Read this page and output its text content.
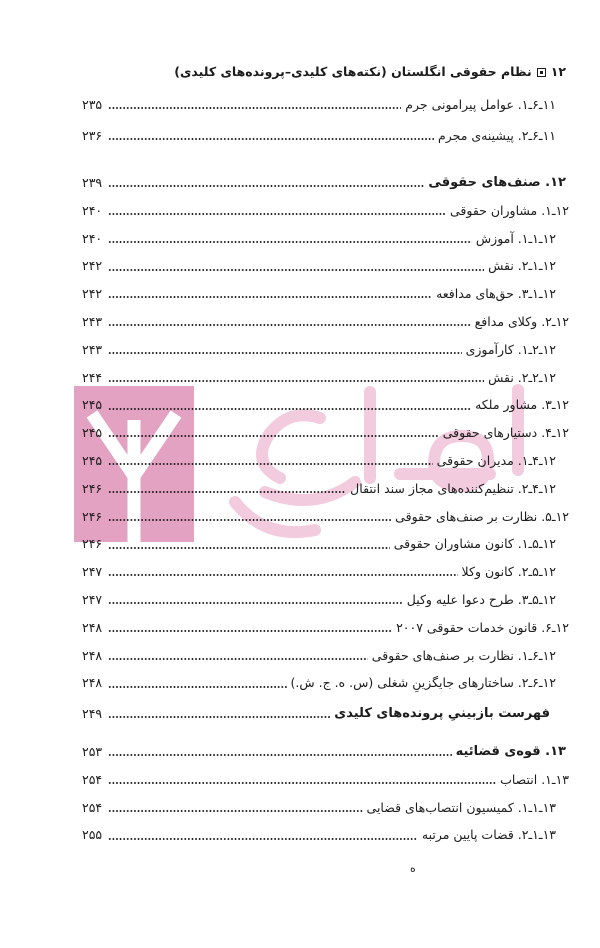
۱۲
نظام حقوقی انگلستان (نکته‌های کلیدی–پرونده‌های کلیدی)
۱۱ـ۶ـ۱. عوامل پیرامونی جرم
۲۳۵
۱۱ـ۶ـ۲. پیشینه‌ی مجرم
۲۳۶
۱۲. صنف‌های حقوقی
۲۳۹
۱۲ـ۱. مشاوران حقوقی
۲۴۰
۱۲ـ۱ـ۱. آموزش
۲۴۰
۱۲ـ۱ـ۲. نقش
۲۴۲
۱۲ـ۱ـ۳. حق‌های مدافعه
۲۴۲
۱۲ـ۲. وکلای مدافع
۲۴۳
۱۲ـ۲ـ۱. کارآموزی
۲۴۳
۱۲ـ۲ـ۲. نقش
۲۴۴
۱۲ـ۳. مشاور ملکه
۲۴۵
۱۲ـ۴. دستیارهای حقوقی
۲۴۵
۱۲ـ۴ـ۱. مدیران حقوقی
۲۴۵
۱۲ـ۴ـ۲. تنظیم‌کننده‌های مجاز سند انتقال
۲۴۶
۱۲ـ۵. نظارت بر صنف‌های حقوقی
۲۴۶
۱۲ـ۵ـ۱. کانون مشاوران حقوقی
۲۴۶
۱۲ـ۵ـ۲. کانون وکلا
۲۴۷
۱۲ـ۵ـ۳. طرح دعوا علیه وکیل
۲۴۷
۱۲ـ۶. قانون خدمات حقوقی ۲۰۰۷
۲۴۸
۱۲ـ۶ـ۱. نظارت بر صنف‌های حقوقی
۲۴۸
۱۲ـ۶ـ۲. ساختارهای جایگزینِ شغلی (س. ه. ج. ش.)
۲۴۸
فهرست بازبینیِ پرونده‌های کلیدی
۲۴۹
۱۳. قوه‌ی قضائیه
۲۵۳
۱۳ـ۱. انتصاب
۲۵۴
۱۳ـ۱ـ۱. کمیسیون انتصاب‌های قضایی
۲۵۴
۱۳ـ۱ـ۲. قضات پایین مرتبه
۲۵۵
ه
